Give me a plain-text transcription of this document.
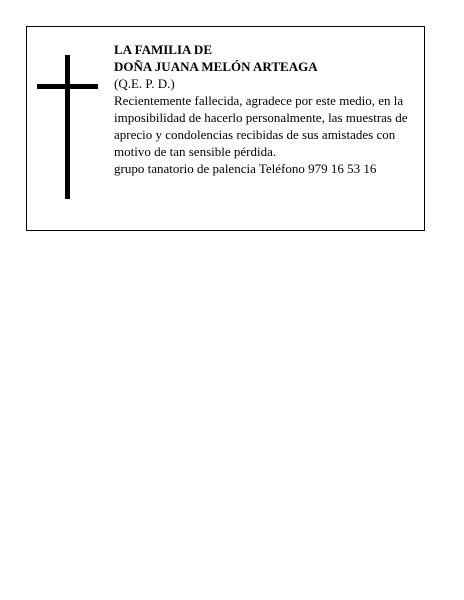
LA FAMILIA DE

DOÑA JUANA MELÓN ARTEAGA

(Q.E. P. D.)

Recientemente fallecida, agradece por este medio, en la imposibilidad de hacerlo personalmente, las muestras de aprecio y condolencias recibidas de sus amistades con motivo de tan sensible pérdida.

grupo tanatorio de palencia Teléfono 979 16 53 16
